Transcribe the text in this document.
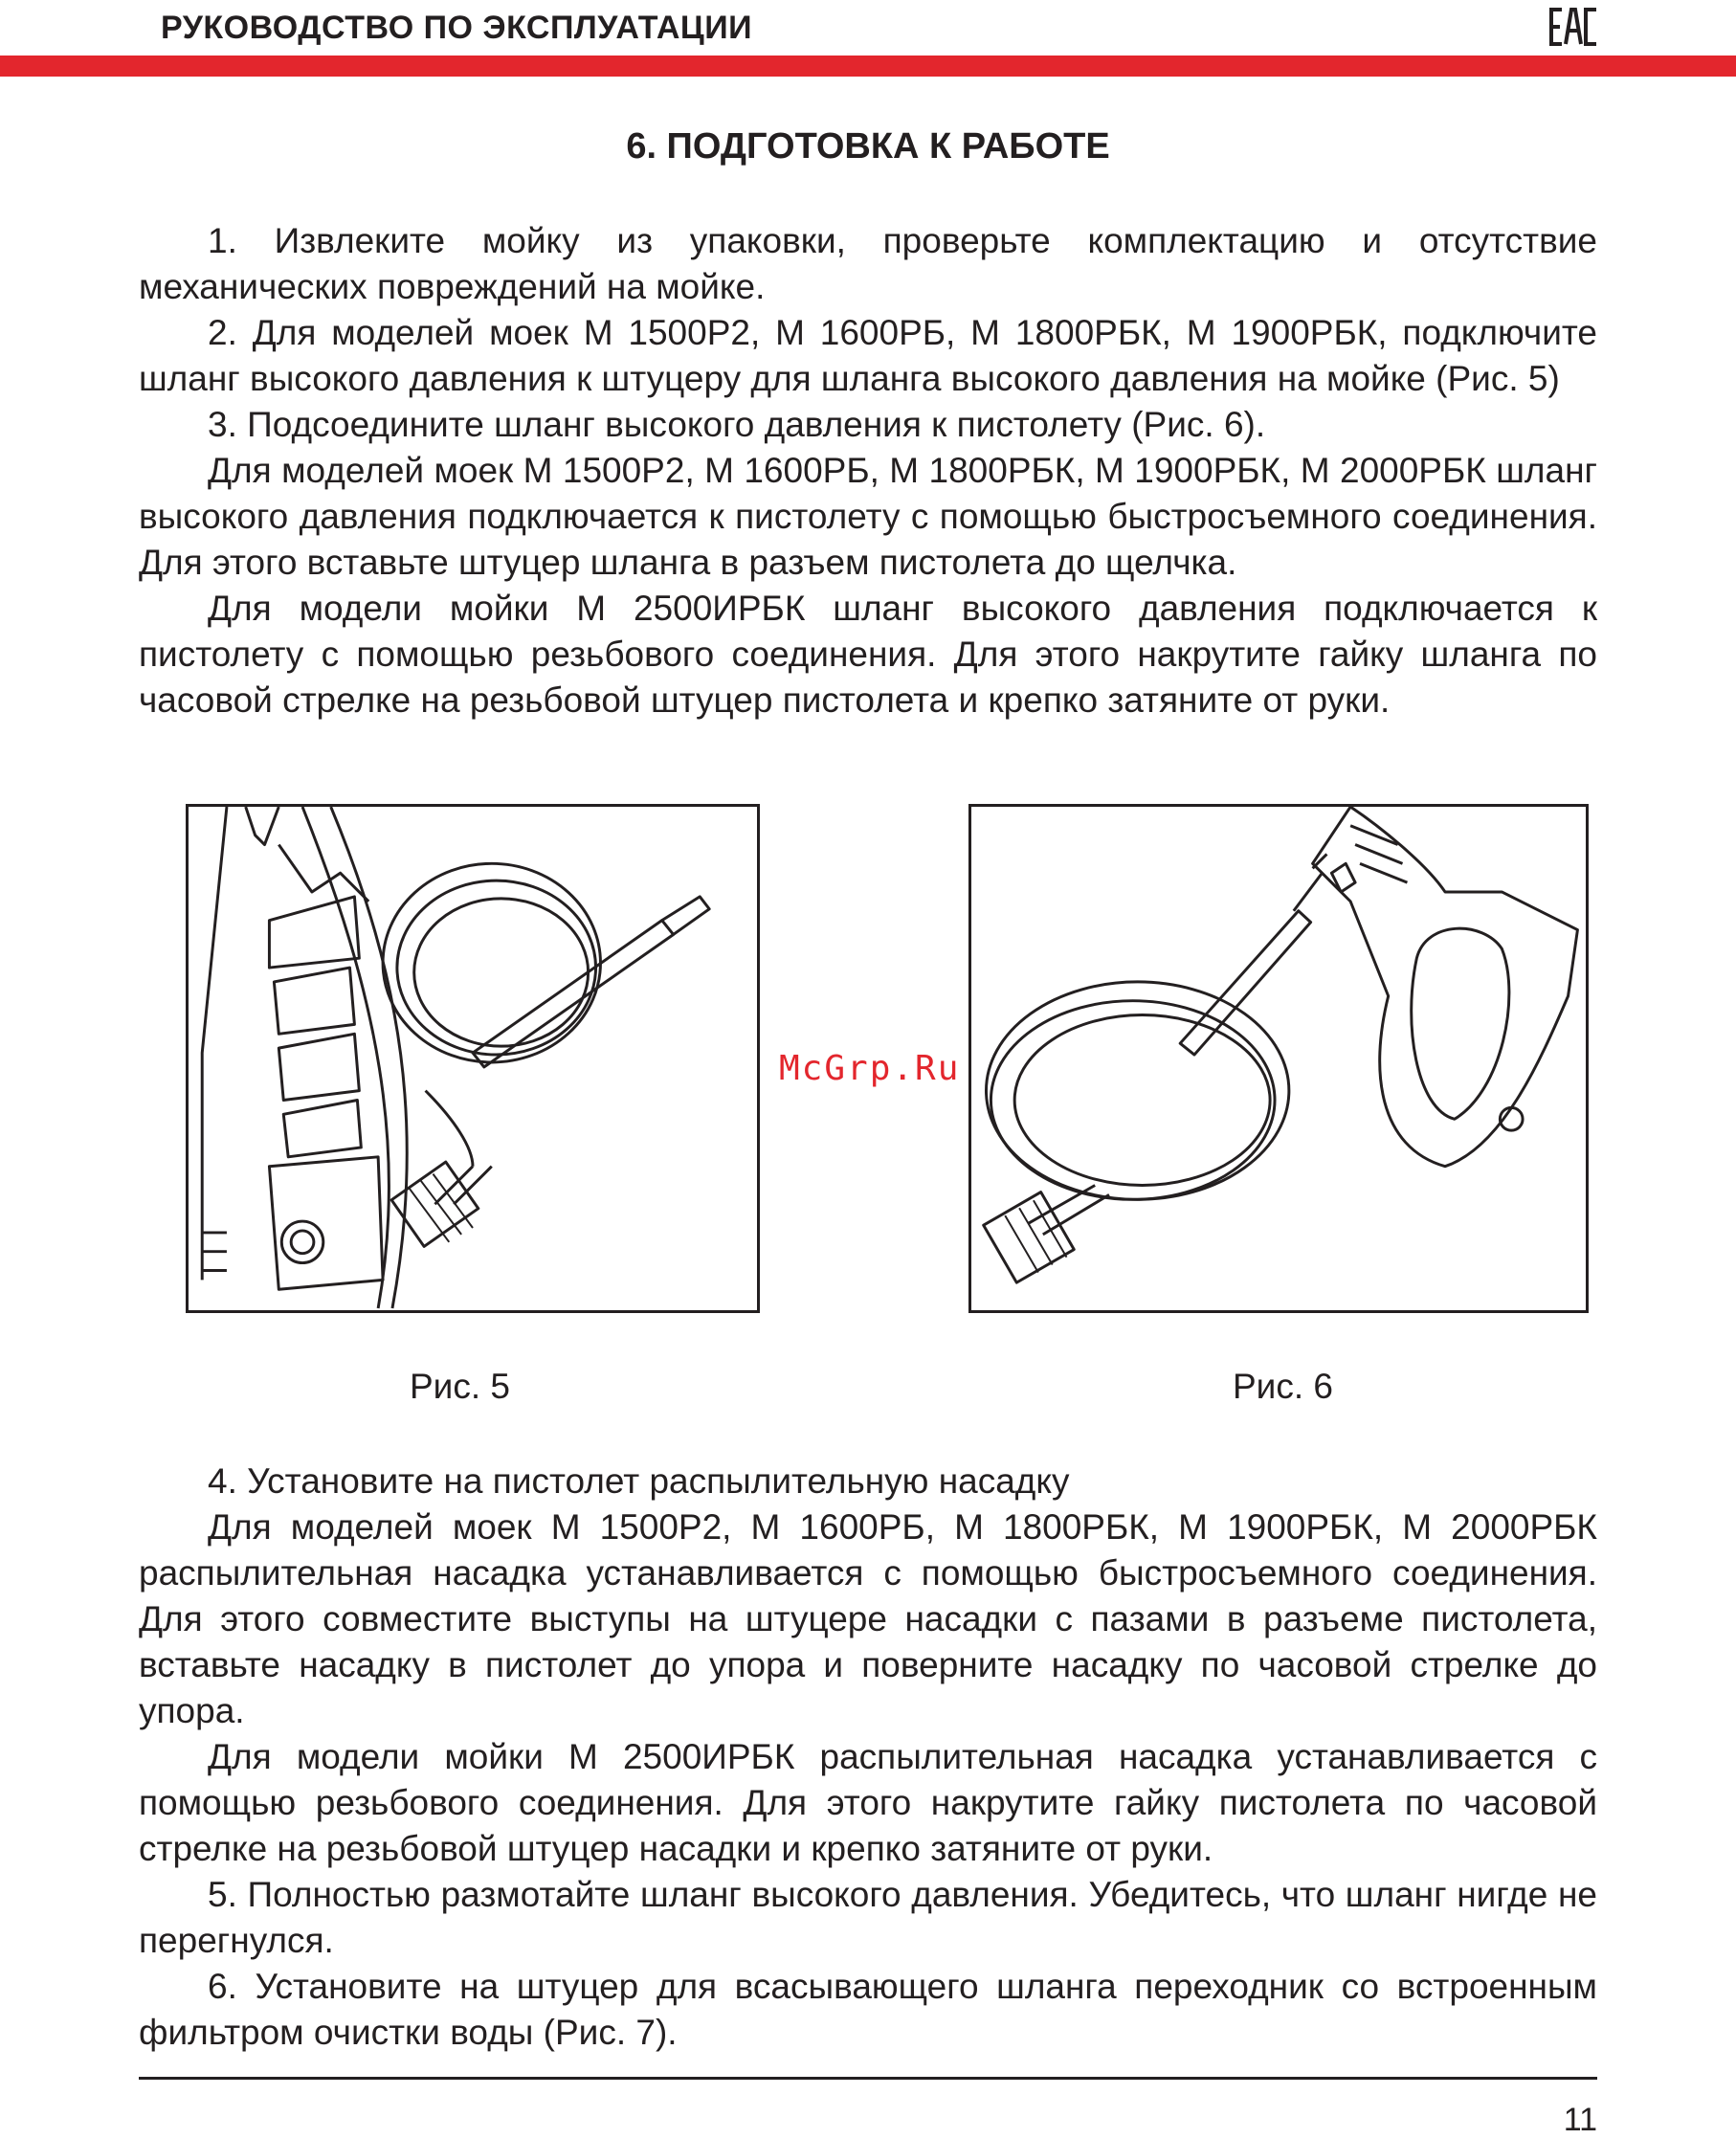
РУКОВОДСТВО ПО ЭКСПЛУАТАЦИИ
6. ПОДГОТОВКА К РАБОТЕ

1. Извлеките мойку из упаковки, проверьте комплектацию и отсутствие механических повреждений на мойке.

2. Для моделей моек М 1500Р2, М 1600РБ, М 1800РБК, М 1900РБК, подключите шланг высокого давления к штуцеру для шланга высокого давления на мойке (Рис. 5)

3. Подсоедините шланг высокого давления к пистолету (Рис. 6).

Для моделей моек М 1500Р2, М 1600РБ, М 1800РБК, М 1900РБК, М 2000РБК шланг высокого давления подключается к пистолету с помощью быстросъемного соединения. Для этого вставьте штуцер шланга в разъем пистолета до щелчка.

Для модели мойки М 2500ИРБК шланг высокого давления подключается к пистолету с помощью резьбового соединения. Для этого накрутите гайку шланга по часовой стрелке на резьбовой штуцер пистолета и крепко затяните от руки.

McGrp.Ru
Рис. 5	Рис. 6

4. Установите на пистолет распылительную насадку

Для моделей моек М 1500Р2, М 1600РБ, М 1800РБК, М 1900РБК, М 2000РБК распылительная насадка устанавливается с помощью быстросъемного соединения. Для этого совместите выступы на штуцере насадки с пазами в разъеме пистолета, вставьте насадку в пистолет до упора и поверните насадку по часовой стрелке до упора.

Для модели мойки М 2500ИРБК распылительная насадка устанавливается с помощью резьбового соединения. Для этого накрутите гайку пистолета по часовой стрелке на резьбовой штуцер насадки и крепко затяните от руки.

5. Полностью размотайте шланг высокого давления. Убедитесь, что шланг нигде не перегнулся.

6. Установите на штуцер для всасывающего шланга переходник со встроенным фильтром очистки воды (Рис. 7).

11
